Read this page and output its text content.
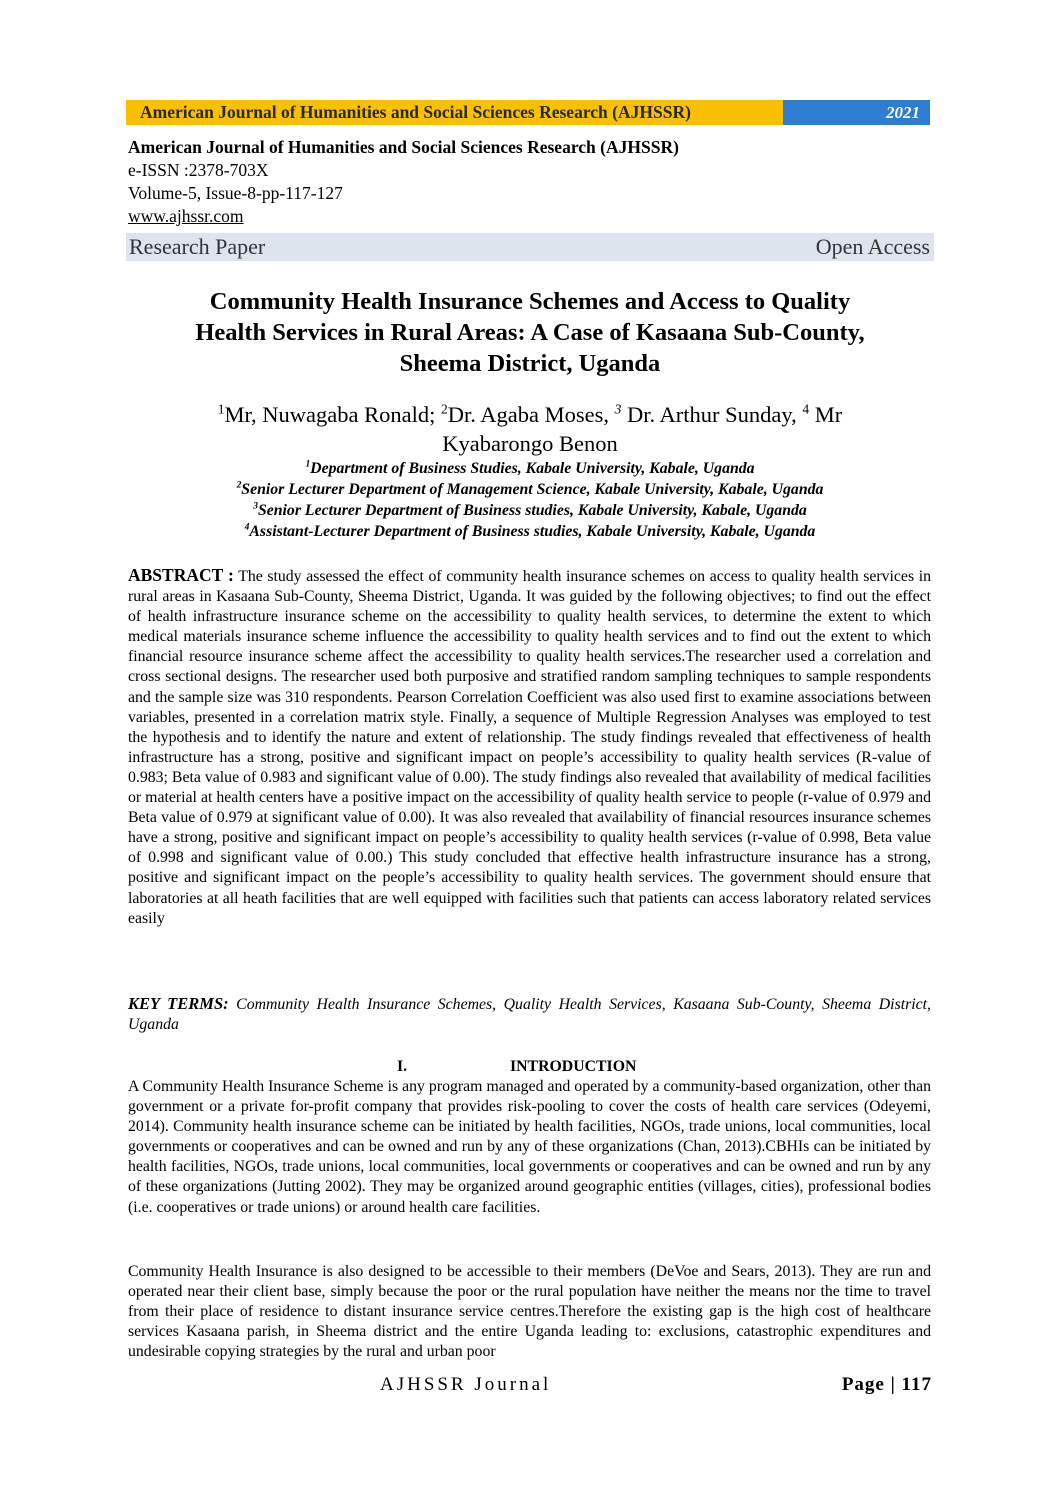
American Journal of Humanities and Social Sciences Research (AJHSSR)	2021
American Journal of Humanities and Social Sciences Research (AJHSSR)
e-ISSN :2378-703X
Volume-5, Issue-8-pp-117-127
www.ajhssr.com
Research Paper	Open Access
Community Health Insurance Schemes and Access to Quality
Health Services in Rural Areas: A Case of Kasaana Sub-County,
Sheema District, Uganda
$^1$Mr, Nuwagaba Ronald; $^2$Dr. Agaba Moses, $^3$ Dr. Arthur Sunday, $^4$ Mr
Kyabarongo Benon
$^1$Department of Business Studies, Kabale University, Kabale, Uganda
$^2$Senior Lecturer Department of Management Science, Kabale University, Kabale, Uganda
$^3$Senior Lecturer Department of Business studies, Kabale University, Kabale, Uganda
$^4$Assistant-Lecturer Department of Business studies, Kabale University, Kabale, Uganda
ABSTRACT : The study assessed the effect of community health insurance schemes on access to quality health services in rural areas in Kasaana Sub-County, Sheema District, Uganda. It was guided by the following objectives; to find out the effect of health infrastructure insurance scheme on the accessibility to quality health services, to determine the extent to which medical materials insurance scheme influence the accessibility to quality health services and to find out the extent to which financial resource insurance scheme affect the accessibility to quality health services.The researcher used a correlation and cross sectional designs. The researcher used both purposive and stratified random sampling techniques to sample respondents and the sample size was 310 respondents. Pearson Correlation Coefficient was also used first to examine associations between variables, presented in a correlation matrix style. Finally, a sequence of Multiple Regression Analyses was employed to test the hypothesis and to identify the nature and extent of relationship. The study findings revealed that effectiveness of health infrastructure has a strong, positive and significant impact on people’s accessibility to quality health services (R-value of 0.983; Beta value of 0.983 and significant value of 0.00). The study findings also revealed that availability of medical facilities or material at health centers have a positive impact on the accessibility of quality health service to people (r-value of 0.979 and Beta value of 0.979 at significant value of 0.00). It was also revealed that availability of financial resources insurance schemes have a strong, positive and significant impact on people’s accessibility to quality health services (r-value of 0.998, Beta value of 0.998 and significant value of 0.00.) This study concluded that effective health infrastructure insurance has a strong, positive and significant impact on the people’s accessibility to quality health services. The government should ensure that laboratories at all heath facilities that are well equipped with facilities such that patients can access laboratory related services easily
KEY TERMS: Community Health Insurance Schemes, Quality Health Services, Kasaana Sub-County, Sheema District, Uganda
I.	INTRODUCTION
A Community Health Insurance Scheme is any program managed and operated by a community-based organization, other than government or a private for-profit company that provides risk-pooling to cover the costs of health care services (Odeyemi, 2014). Community health insurance scheme can be initiated by health facilities, NGOs, trade unions, local communities, local governments or cooperatives and can be owned and run by any of these organizations (Chan, 2013).CBHIs can be initiated by health facilities, NGOs, trade unions, local communities, local governments or cooperatives and can be owned and run by any of these organizations (Jutting 2002). They may be organized around geographic entities (villages, cities), professional bodies (i.e. cooperatives or trade unions) or around health care facilities.
Community Health Insurance is also designed to be accessible to their members (DeVoe and Sears, 2013). They are run and operated near their client base, simply because the poor or the rural population have neither the means nor the time to travel from their place of residence to distant insurance service centres.Therefore the existing gap is the high cost of healthcare services Kasaana parish, in Sheema district and the entire Uganda leading to: exclusions, catastrophic expenditures and undesirable copying strategies by the rural and urban poor
AJHSSR Journal	Page | 117
